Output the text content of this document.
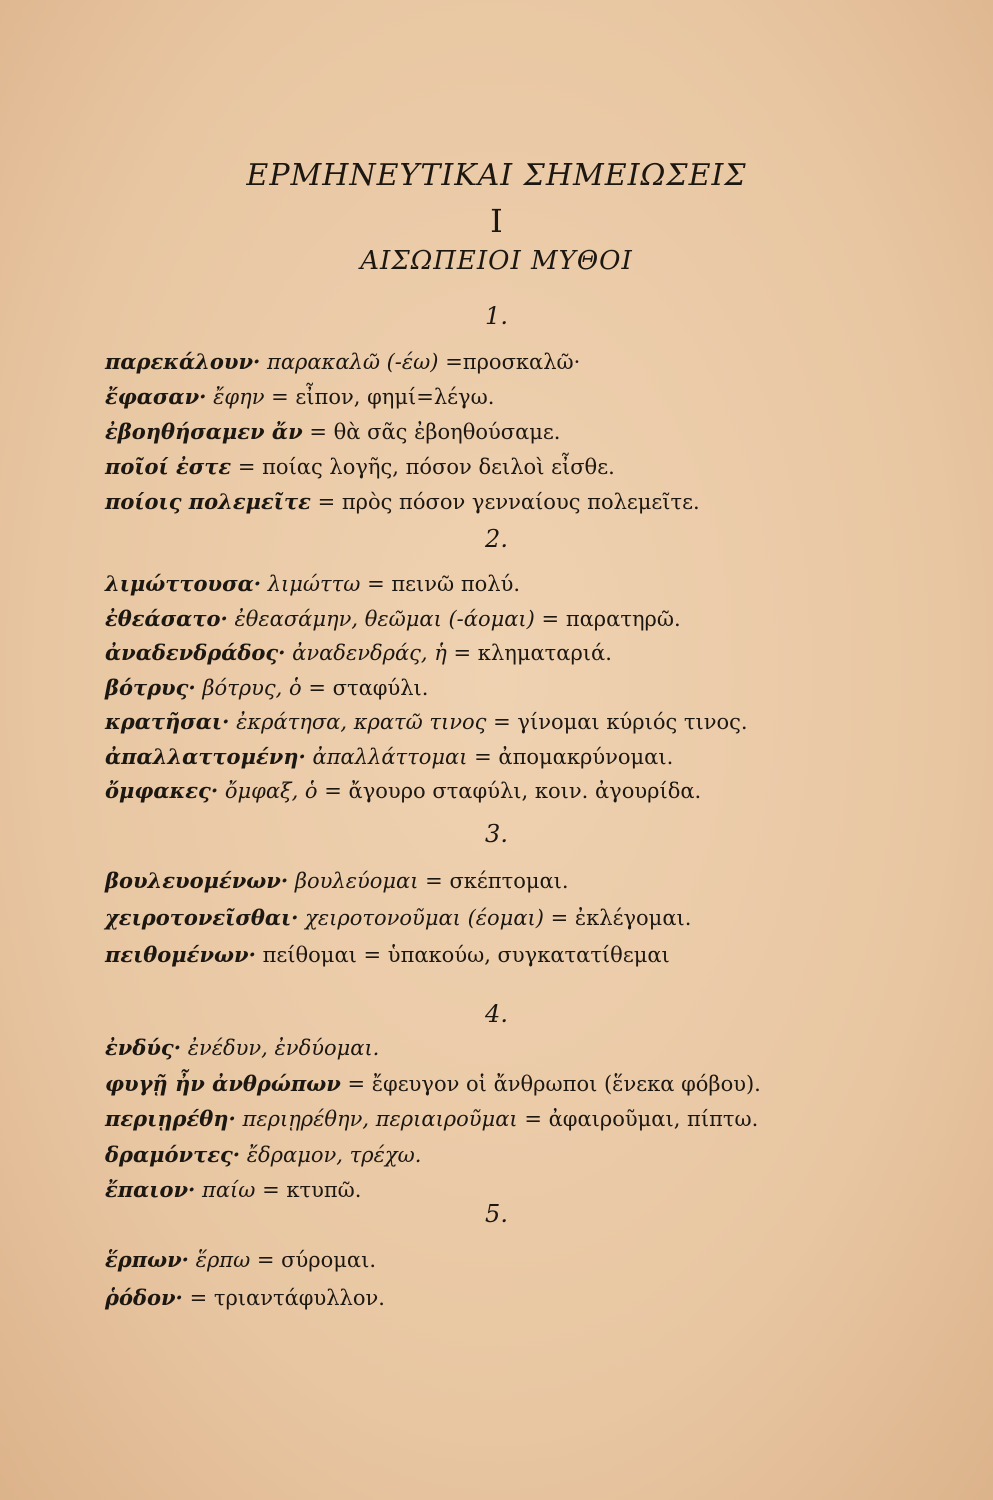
ΕΡΜΗΝΕΥΤΙΚΑΙ ΣΗΜΕΙΩΣΕΙΣ
I
ΑΙΣΩΠΕΙΟΙ ΜΥΘΟΙ
1.
παρεκάλουν· παρακαλῶ (-έω) =προσκαλῶ·
ἔφασαν· ἔφην = εἶπον, φημί=λέγω.
ἐβοηθήσαμεν ἄν = θὰ σᾶς ἐβοηθούσαμε.
ποῖοί ἐστε = ποίας λογῆς, πόσον δειλοὶ εἶσθε.
ποίοις πολεμεῖτε = πρὸς πόσον γενναίους πολεμεῖτε.
2.
λιμώττουσα· λιμώττω = πεινῶ πολύ.
ἐθεάσατο· ἐθεασάμην, θεῶμαι (-άομαι) = παρατηρῶ.
ἀναδενδράδος· ἀναδενδράς, ἡ = κληματαριά.
βότρυς· βότρυς, ὁ = σταφύλι.
κρατῆσαι· ἐκράτησα, κρατῶ τινος = γίνομαι κύριός τινος.
ἀπαλλαττομένη· ἀπαλλάττομαι = ἀπομακρύνομαι.
ὄμφακες· ὄμφαξ, ὁ = ἄγουρο σταφύλι, κοιν. ἀγουρίδα.
3.
βουλευομένων· βουλεύομαι = σκέπτομαι.
χειροτονεῖσθαι· χειροτονοῦμαι (έομαι) = ἐκλέγομαι.
πειθομένων· πείθομαι = ὑπακούω, συγκατατίθεμαι
4.
ἐνδύς· ἐνέδυν, ἐνδύομαι.
φυγῇ ἦν ἀνθρώπων = ἔφευγον οἱ ἄνθρωποι (ἕνεκα φόβου).
περιῃρέθη· περιῃρέθην, περιαιροῦμαι = ἀφαιροῦμαι, πίπτω.
δραμόντες· ἔδραμον, τρέχω.
ἔπαιον· παίω = κτυπῶ.
5.
ἕρπων· ἕρπω = σύρομαι.
ῥόδον· = τριαντάφυλλον.
